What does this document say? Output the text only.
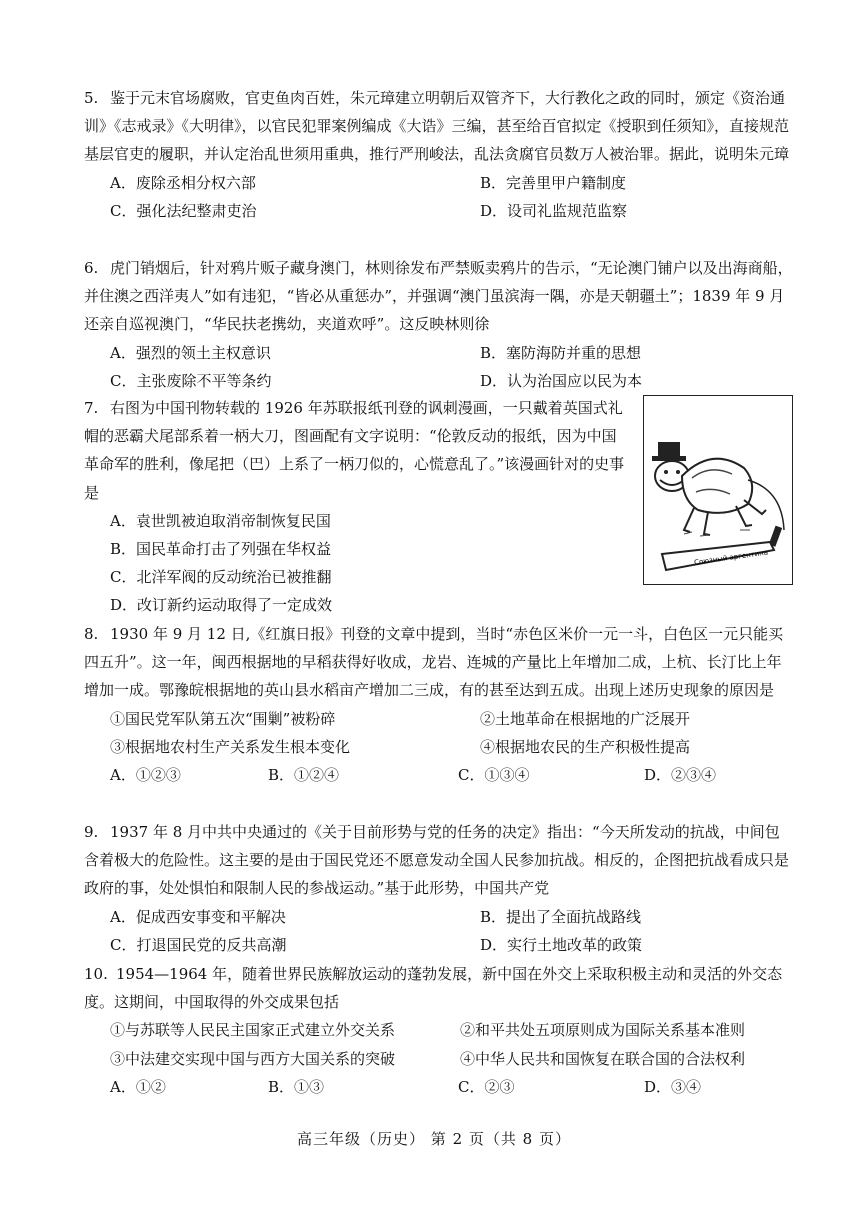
5. 鉴于元末官场腐败，官吏鱼肉百姓，朱元璋建立明朝后双管齐下，大行教化之政的同时，颁定《资治通训》《志戒录》《大明律》，以官民犯罪案例编成《大诰》三编，甚至给百官拟定《授职到任须知》，直接规范基层官吏的履职，并认定治乱世须用重典，推行严刑峻法，乱法贪腐官员数万人被治罪。据此，说明朱元璋

A．废除丞相分权六部	B．完善里甲户籍制度
C．强化法纪整肃吏治	D．设司礼监规范监察

6. 虎门销烟后，针对鸦片贩子藏身澳门，林则徐发布严禁贩卖鸦片的告示，“无论澳门铺户以及出海商船，并住澳之西洋夷人”如有违犯，“皆必从重惩办”，并强调“澳门虽滨海一隅，亦是天朝疆土”；1839 年 9 月还亲自巡视澳门，“华民扶老携幼，夹道欢呼”。这反映林则徐

A．强烈的领土主权意识	B．塞防海防并重的思想
C．主张废除不平等条约	D．认为治国应以民为本

7. 右图为中国刊物转载的 1926 年苏联报纸刊登的讽刺漫画，一只戴着英国式礼帽的恶霸犬尾部系着一柄大刀，图画配有文字说明：“伦敦反动的报纸，因为中国革命军的胜利，像尾把（巴）上系了一柄刀似的，心慌意乱了。”该漫画针对的史事是

A．袁世凯被迫取消帝制恢复民国
B．国民革命打击了列强在华权益
C．北洋军阀的反动统治已被推翻
D．改订新约运动取得了一定成效
Союзный аргентина

8. 1930 年 9 月 12 日,《红旗日报》刊登的文章中提到，当时“赤色区米价一元一斗，白色区一元只能买四五升”。这一年，闽西根据地的早稻获得好收成，龙岩、连城的产量比上年增加二成，上杭、长汀比上年增加一成。鄂豫皖根据地的英山县水稻亩产增加二三成，有的甚至达到五成。出现上述历史现象的原因是

①国民党军队第五次“围剿”被粉碎	②土地革命在根据地的广泛展开
③根据地农村生产关系发生根本变化	④根据地农民的生产积极性提高
A．①②③	B．①②④	C．①③④	D．②③④

9. 1937 年 8 月中共中央通过的《关于目前形势与党的任务的决定》指出：“今天所发动的抗战，中间包含着极大的危险性。这主要的是由于国民党还不愿意发动全国人民参加抗战。相反的，企图把抗战看成只是政府的事，处处惧怕和限制人民的参战运动。”基于此形势，中国共产党

A．促成西安事变和平解决	B．提出了全面抗战路线
C．打退国民党的反共高潮	D．实行土地改革的政策

10. 1954—1964 年，随着世界民族解放运动的蓬勃发展，新中国在外交上采取积极主动和灵活的外交态度。这期间，中国取得的外交成果包括

①与苏联等人民民主国家正式建立外交关系	②和平共处五项原则成为国际关系基本准则
③中法建交实现中国与西方大国关系的突破	④中华人民共和国恢复在联合国的合法权利
A．①②	B．①③	C．②③	D．③④
高三年级（历史） 第 2 页（共 8 页）
